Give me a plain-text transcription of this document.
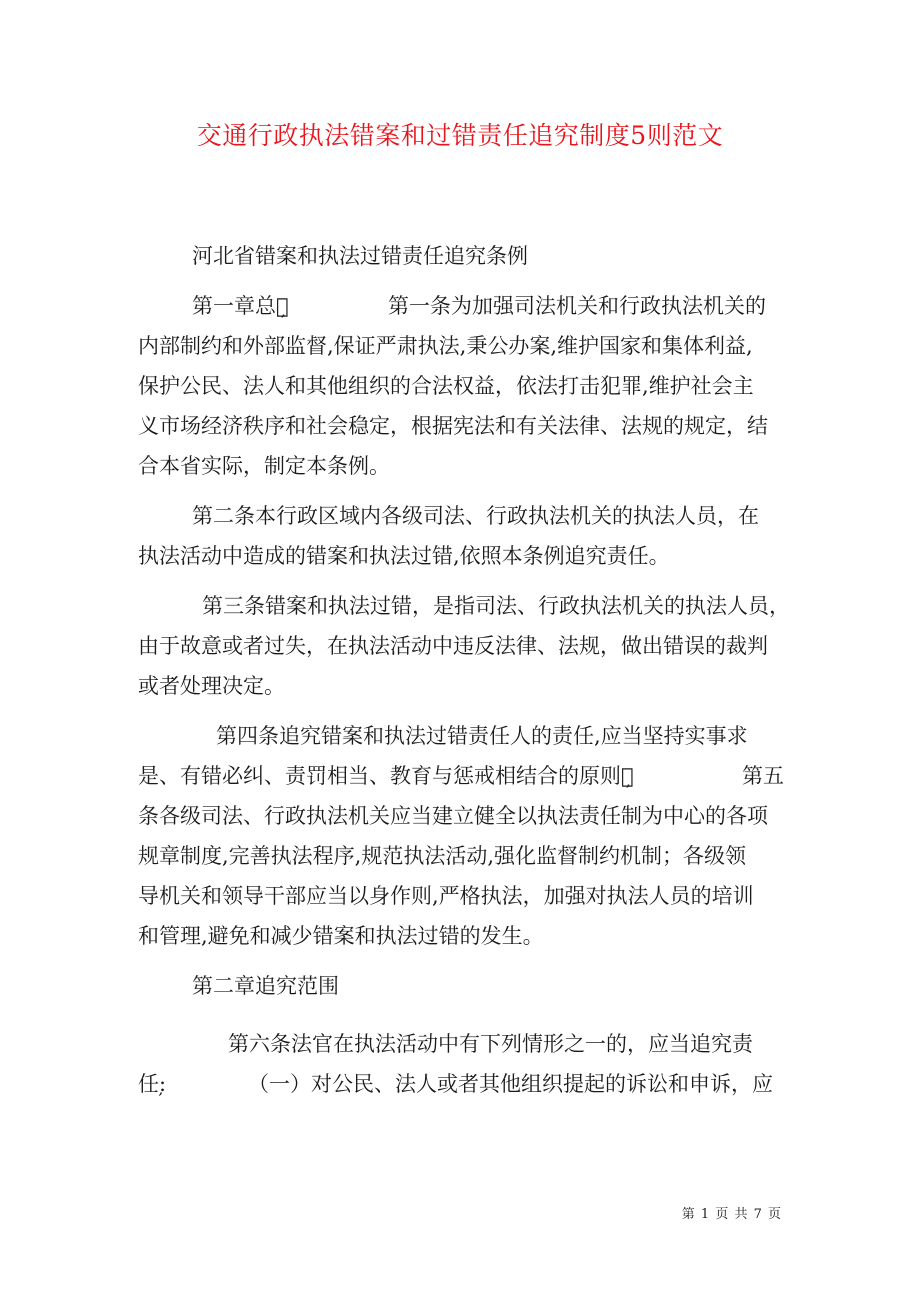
交通行政执法错案和过错责任追究制度5则范文
河北省错案和执法过错责任追究条例
第一章总则̦	第一条为加强司法机关和行政执法机关的
内部制约和外部监督,保证严肃执法,秉公办案,维护国家和集体利益,
保护公民、法人和其他组织的合法权益，依法打击犯罪,维护社会主
义市场经济秩序和社会稳定，根据宪法和有关法律、法规的规定，结
合本省实际，制定本条例。
第二条本行政区域内各级司法、行政执法机关的执法人员，在
执法活动中造成的错案和执法过错,依照本条例追究责任。
第三条错案和执法过错，是指司法、行政执法机关的执法人员，
由于故意或者过失，在执法活动中违反法律、法规，做出错误的裁判
或者处理决定。
第四条追究错案和执法过错责任人的责任,应当坚持实事求
是、有错必纠、责罚相当、教育与惩戒相结合的原则。̦	第五
条各级司法、行政执法机关应当建立健全以执法责任制为中心的各项
规章制度,完善执法程序,规范执法活动,强化监督制约机制；各级领
导机关和领导干部应当以身作则,严格执法，加强对执法人员的培训
和管理,避免和减少错案和执法过错的发生。
第二章追究范围
第六条法官在执法活动中有下列情形之一的，应当追究责
任:̦	（一）对公民、法人或者其他组织提起的诉讼和申诉，应
第 1 页 共 7 页
